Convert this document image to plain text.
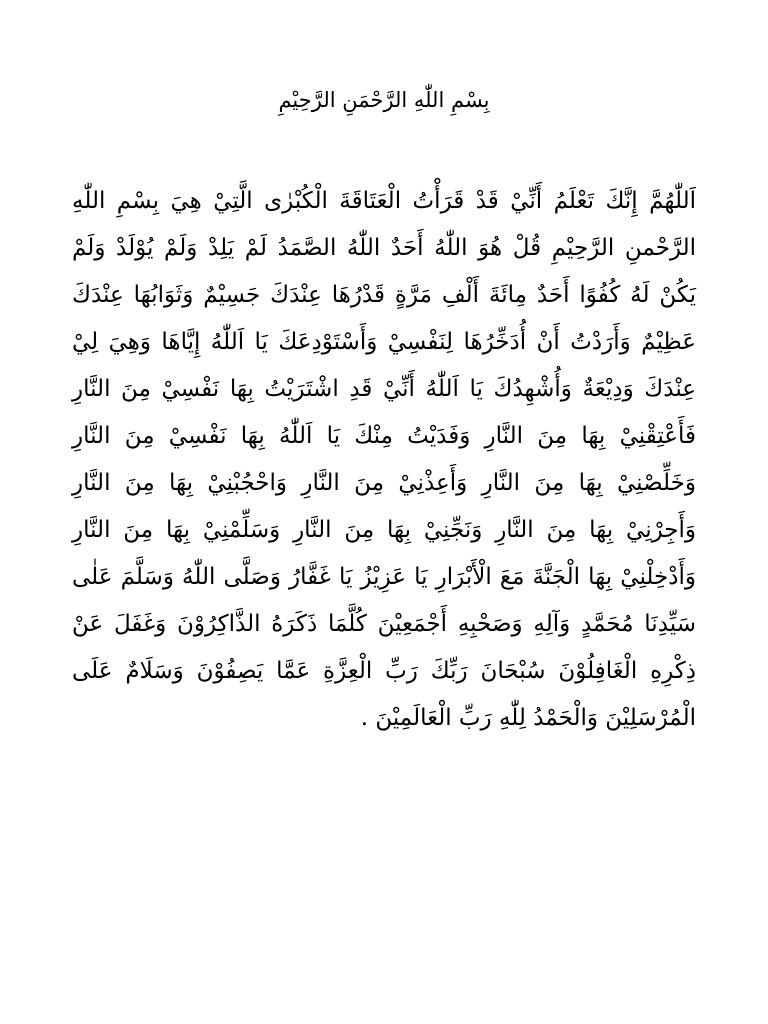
بِسْمِ اللّٰهِ الرَّحْمَنِ الرَّحِيْمِ

اَللّٰهُمَّ إِنَّكَ تَعْلَمُ أَنِّيْ قَدْ قَرَأْتُ الْعَتَاقَةَ الْكُبْرٰى الَّتِيْ هِيَ بِسْمِ اللّٰهِ الرَّحْمنِ الرَّحِيْمِ قُلْ هُوَ اللّٰهُ أَحَدٌ اللّٰهُ الصَّمَدُ لَمْ يَلِدْ وَلَمْ يُوْلَدْ وَلَمْ يَكُنْ لَهُ كُفُوًا أَحَدٌ مِائَةَ أَلْفِ مَرَّةٍ قَدْرُهَا عِنْدَكَ جَسِيْمٌ وَثَوَابُهَا عِنْدَكَ عَظِيْمٌ وَأَرَدْتُ أَنْ أُدَخِّرُهَا لِنَفْسِيْ وَأَسْتَوْدِعَكَ يَا اَللّٰهُ إِيَّاهَا وَهِيَ لِيْ عِنْدَكَ وَدِيْعَةٌ وَأُشْهِدُكَ يَا اَللّٰهُ أَنِّيْ قَدِ اشْتَرَيْتُ بِهَا نَفْسِيْ مِنَ النَّارِ فَأَعْتِقْنِيْ بِهَا مِنَ النَّارِ وَفَدَيْتُ مِنْكَ يَا اَللّٰهُ بِهَا نَفْسِيْ مِنَ النَّارِ وَخَلِّصْنِيْ بِهَا مِنَ النَّارِ وَأَعِذْنِيْ مِنَ النَّارِ وَاحْجُبْنِيْ بِهَا مِنَ النَّارِ وَأَجِرْنِيْ بِهَا مِنَ النَّارِ وَنَجِّنِيْ بِهَا مِنَ النَّارِ وَسَلِّمْنِيْ بِهَا مِنَ النَّارِ وَأَدْخِلْنِيْ بِهَا الْجَنَّةَ مَعَ الْأَبْرَارِ يَا عَزِيْزُ يَا غَفَّارُ وَصَلَّى اللّٰهُ وَسَلَّمَ عَلٰى سَيِّدِنَا مُحَمَّدٍ وَآلِهِ وَصَحْبِهِ أَجْمَعِيْنَ كُلَّمَا ذَكَرَهُ الذَّاكِرُوْنَ وَغَفَلَ عَنْ ذِكْرِهِ الْغَافِلُوْنَ سُبْحَانَ رَبِّكَ رَبِّ الْعِزَّةِ عَمَّا يَصِفُوْنَ وَسَلَامٌ عَلَى الْمُرْسَلِيْنَ وَالْحَمْدُ لِلّٰهِ رَبِّ الْعَالَمِيْنَ .
